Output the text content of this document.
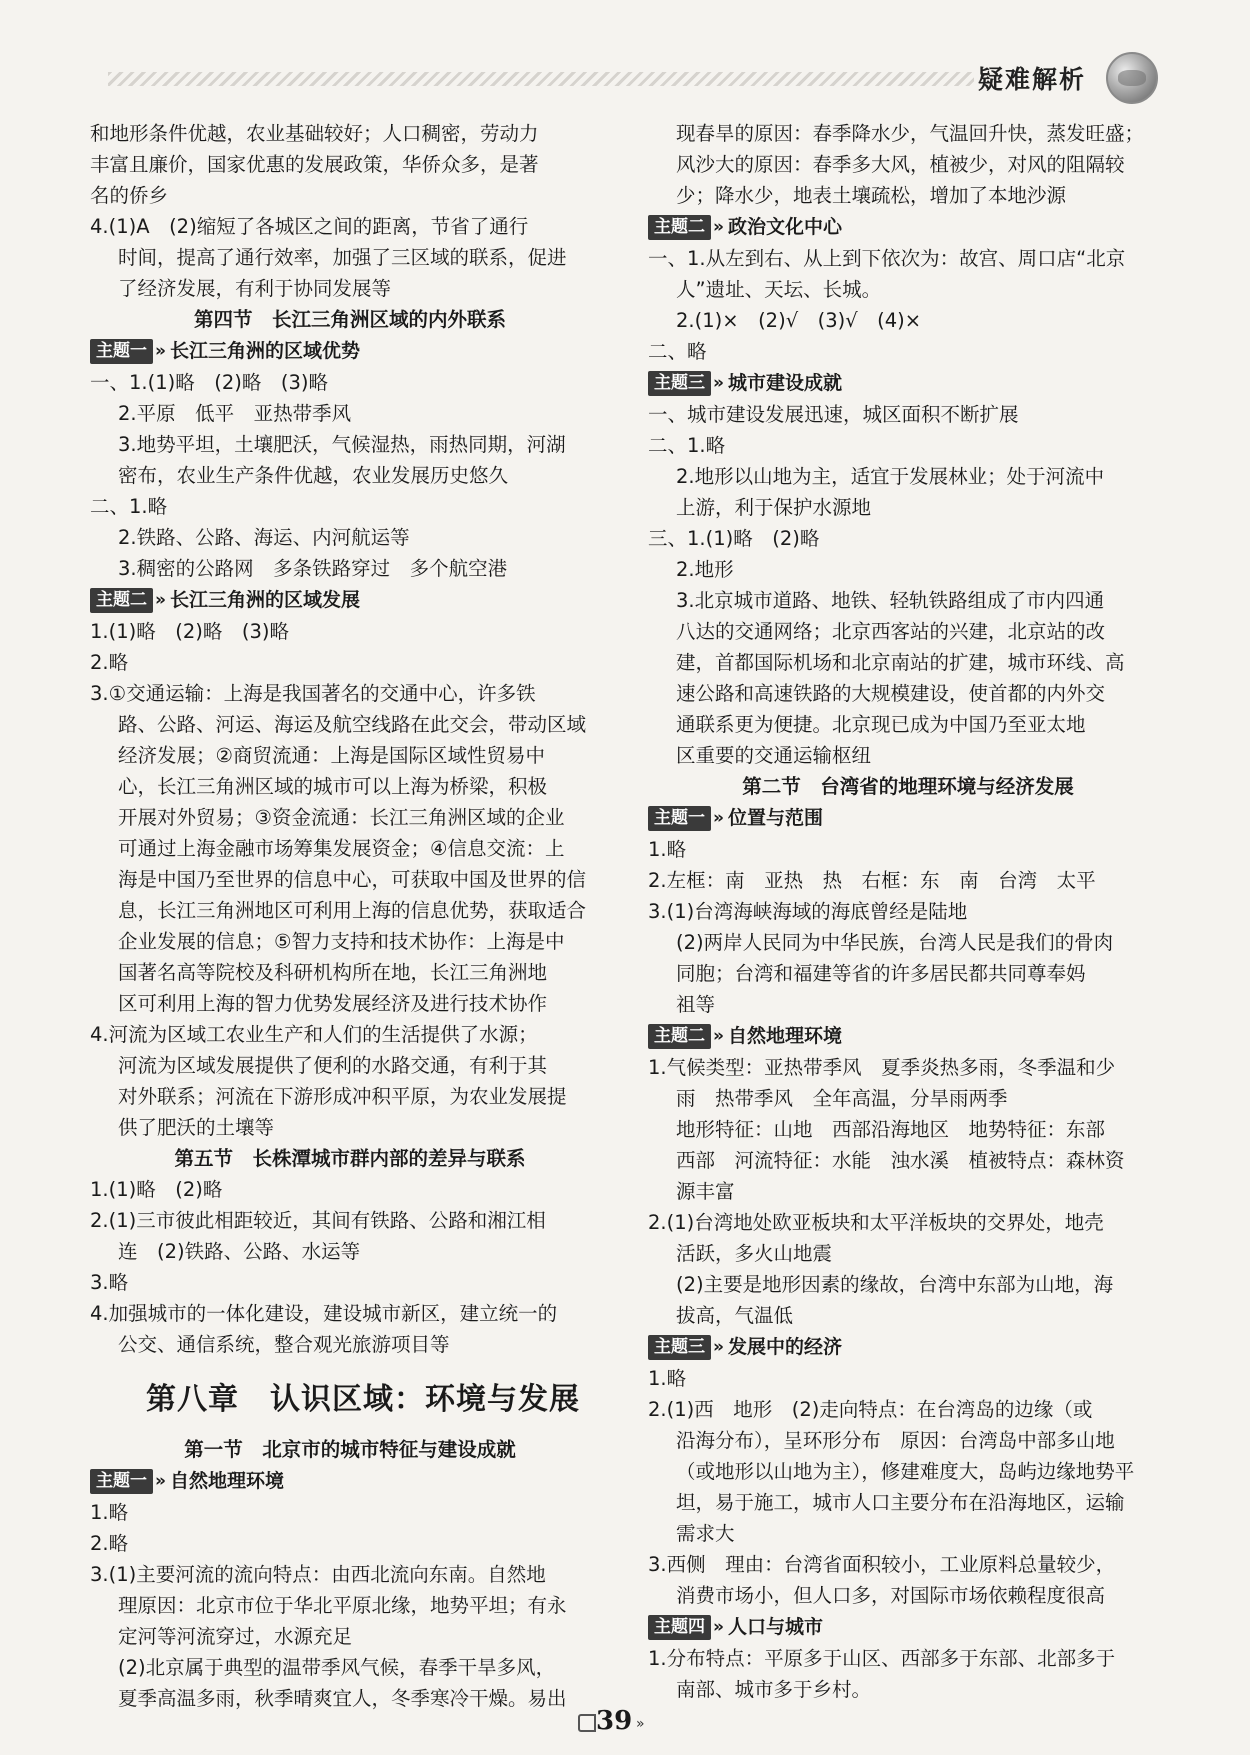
疑难解析

和地形条件优越，农业基础较好；人口稠密，劳动力

丰富且廉价，国家优惠的发展政策，华侨众多，是著

名的侨乡

4.(1)A　(2)缩短了各城区之间的距离，节省了通行

时间，提高了通行效率，加强了三区域的联系，促进

了经济发展，有利于协同发展等

第四节　长江三角洲区域的内外联系

主题一 » 长江三角洲的区域优势

一、1.(1)略　(2)略　(3)略

2.平原　低平　亚热带季风

3.地势平坦，土壤肥沃，气候湿热，雨热同期，河湖

密布，农业生产条件优越，农业发展历史悠久

二、1.略

2.铁路、公路、海运、内河航运等

3.稠密的公路网　多条铁路穿过　多个航空港

主题二 » 长江三角洲的区域发展

1.(1)略　(2)略　(3)略

2.略

3.①交通运输：上海是我国著名的交通中心，许多铁

路、公路、河运、海运及航空线路在此交会，带动区域

经济发展；②商贸流通：上海是国际区域性贸易中

心，长江三角洲区域的城市可以上海为桥梁，积极

开展对外贸易；③资金流通：长江三角洲区域的企业

可通过上海金融市场筹集发展资金；④信息交流：上

海是中国乃至世界的信息中心，可获取中国及世界的信

息，长江三角洲地区可利用上海的信息优势，获取适合

企业发展的信息；⑤智力支持和技术协作：上海是中

国著名高等院校及科研机构所在地，长江三角洲地

区可利用上海的智力优势发展经济及进行技术协作

4.河流为区域工农业生产和人们的生活提供了水源；

河流为区域发展提供了便利的水路交通，有利于其

对外联系；河流在下游形成冲积平原，为农业发展提

供了肥沃的土壤等

第五节　长株潭城市群内部的差异与联系

1.(1)略　(2)略

2.(1)三市彼此相距较近，其间有铁路、公路和湘江相

连　(2)铁路、公路、水运等

3.略

4.加强城市的一体化建设，建设城市新区，建立统一的

公交、通信系统，整合观光旅游项目等

第八章　认识区域：环境与发展

第一节　北京市的城市特征与建设成就

主题一 » 自然地理环境

1.略

2.略

3.(1)主要河流的流向特点：由西北流向东南。自然地

理原因：北京市位于华北平原北缘，地势平坦；有永

定河等河流穿过，水源充足

(2)北京属于典型的温带季风气候，春季干旱多风，

夏季高温多雨，秋季晴爽宜人，冬季寒冷干燥。易出

现春旱的原因：春季降水少，气温回升快，蒸发旺盛；

风沙大的原因：春季多大风，植被少，对风的阻隔较

少；降水少，地表土壤疏松，增加了本地沙源

主题二 » 政治文化中心

一、1.从左到右、从上到下依次为：故宫、周口店“北京

人”遗址、天坛、长城。

2.(1)×　(2)√　(3)√　(4)×

二、略

主题三 » 城市建设成就

一、城市建设发展迅速，城区面积不断扩展

二、1.略

2.地形以山地为主，适宜于发展林业；处于河流中

上游，利于保护水源地

三、1.(1)略　(2)略

2.地形

3.北京城市道路、地铁、轻轨铁路组成了市内四通

八达的交通网络；北京西客站的兴建，北京站的改

建，首都国际机场和北京南站的扩建，城市环线、高

速公路和高速铁路的大规模建设，使首都的内外交

通联系更为便捷。北京现已成为中国乃至亚太地

区重要的交通运输枢纽

第二节　台湾省的地理环境与经济发展

主题一 » 位置与范围

1.略

2.左框：南　亚热　热　右框：东　南　台湾　太平

3.(1)台湾海峡海域的海底曾经是陆地

(2)两岸人民同为中华民族，台湾人民是我们的骨肉

同胞；台湾和福建等省的许多居民都共同尊奉妈

祖等

主题二 » 自然地理环境

1.气候类型：亚热带季风　夏季炎热多雨，冬季温和少

雨　热带季风　全年高温，分旱雨两季

地形特征：山地　西部沿海地区　地势特征：东部

西部　河流特征：水能　浊水溪　植被特点：森林资

源丰富

2.(1)台湾地处欧亚板块和太平洋板块的交界处，地壳

活跃，多火山地震

(2)主要是地形因素的缘故，台湾中东部为山地，海

拔高，气温低

主题三 » 发展中的经济

1.略

2.(1)西　地形　(2)走向特点：在台湾岛的边缘（或

沿海分布），呈环形分布　原因：台湾岛中部多山地

（或地形以山地为主），修建难度大，岛屿边缘地势平

坦，易于施工，城市人口主要分布在沿海地区，运输

需求大

3.西侧　理由：台湾省面积较小，工业原料总量较少，

消费市场小，但人口多，对国际市场依赖程度很高

主题四 » 人口与城市

1.分布特点：平原多于山区、西部多于东部、北部多于

南部、城市多于乡村。

39 »
